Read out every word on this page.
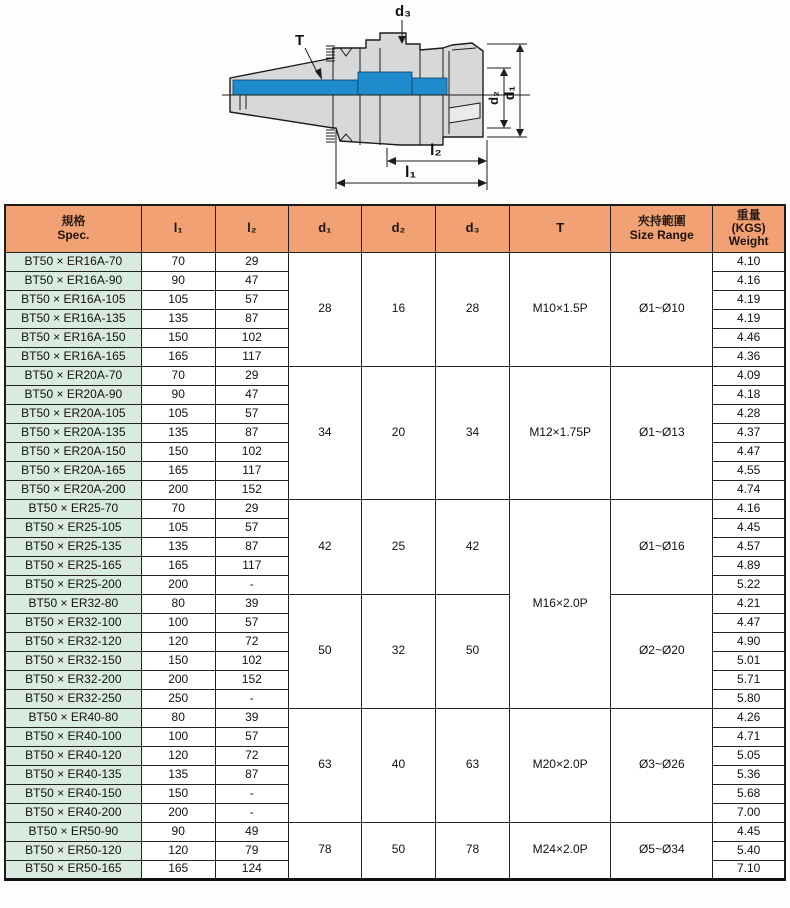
d₃
T
d₁
d₂
l₂
l₁
規格
Spec.	l₁	l₂	d₁	d₂	d₃	T	夾持範圍
Size Range

重量
(KGS)
Weight

BT50 × ER16A-70	70	29	28	16	28	M10×1.5P	Ø1~Ø10	4.10
BT50 × ER16A-90	90	47						4.16
BT50 × ER16A-105	105	57						4.19
BT50 × ER16A-135	135	87						4.19
BT50 × ER16A-150	150	102						4.46
BT50 × ER16A-165	165	117						4.36
BT50 × ER20A-70	70	29	34	20	34	M12×1.75P	Ø1~Ø13	4.09
BT50 × ER20A-90	90	47						4.18
BT50 × ER20A-105	105	57						4.28
BT50 × ER20A-135	135	87						4.37
BT50 × ER20A-150	150	102						4.47
BT50 × ER20A-165	165	117						4.55
BT50 × ER20A-200	200	152						4.74
BT50 × ER25-70	70	29	42	25	42	M16×2.0P	Ø1~Ø16	4.16
BT50 × ER25-105	105	57						4.45
BT50 × ER25-135	135	87						4.57
BT50 × ER25-165	165	117						4.89
BT50 × ER25-200	200	-						5.22
BT50 × ER32-80	80	39	50	32	50		Ø2~Ø20	4.21
BT50 × ER32-100	100	57						4.47
BT50 × ER32-120	120	72						4.90
BT50 × ER32-150	150	102						5.01
BT50 × ER32-200	200	152						5.71
BT50 × ER32-250	250	-						5.80
BT50 × ER40-80	80	39	63	40	63	M20×2.0P	Ø3~Ø26	4.26
BT50 × ER40-100	100	57						4.71
BT50 × ER40-120	120	72						5.05
BT50 × ER40-135	135	87						5.36
BT50 × ER40-150	150	-						5.68
BT50 × ER40-200	200	-						7.00
BT50 × ER50-90	90	49	78	50	78	M24×2.0P	Ø5~Ø34	4.45
BT50 × ER50-120	120	79						5.40
BT50 × ER50-165	165	124						7.10
